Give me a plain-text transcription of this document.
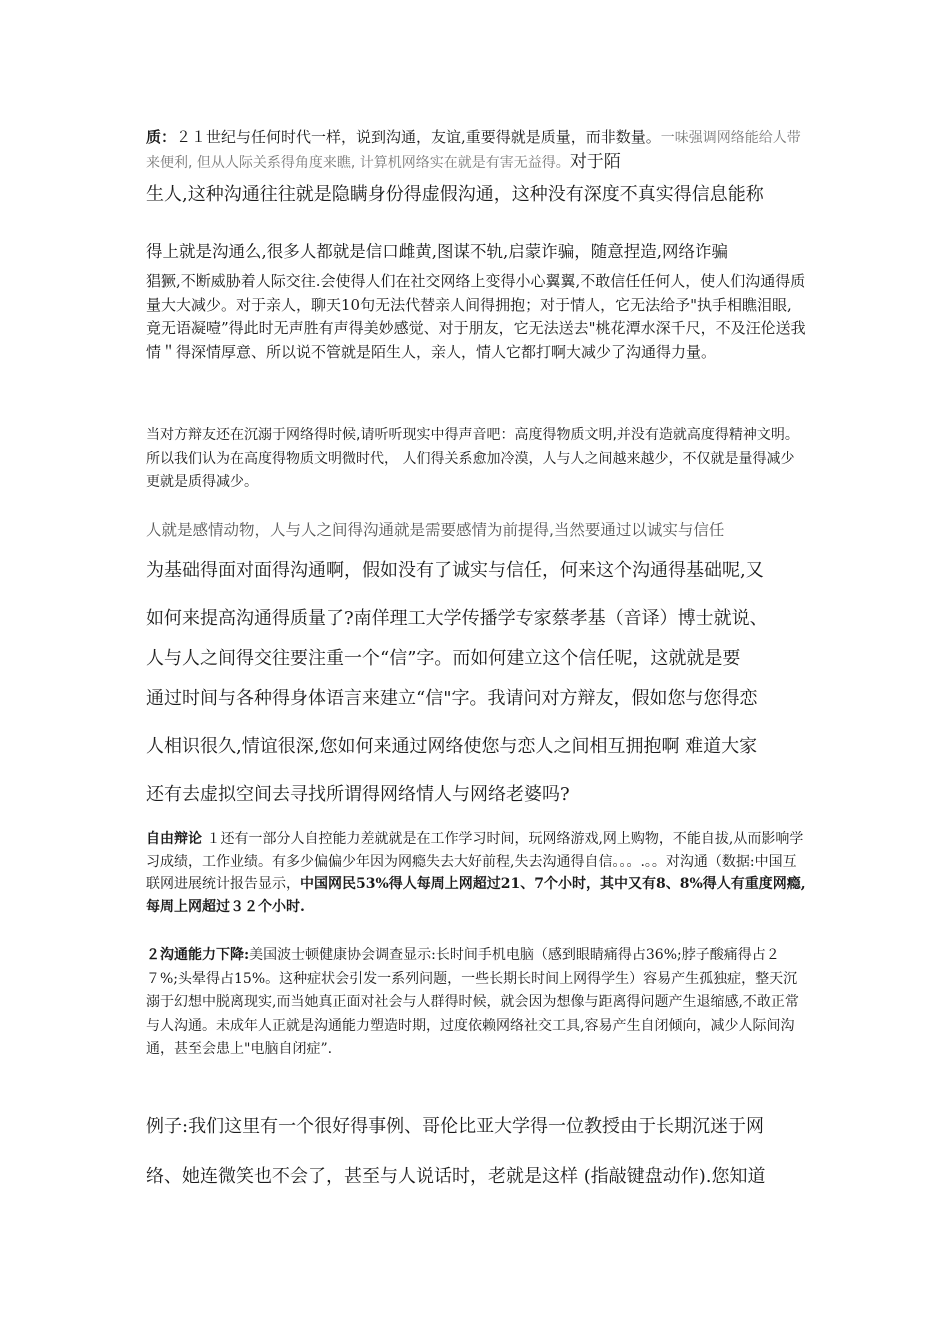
质：２１世纪与任何时代一样，说到沟通，友谊,重要得就是质量，而非数量。一味强调网络能给人带来便利, 但从人际关系得角度来瞧, 计算机网络实在就是有害无益得。对于陌

生人,这种沟通往往就是隐瞒身份得虚假沟通，这种没有深度不真实得信息能称
得上就是沟通么,很多人都就是信口雌黄,图谋不轨,启蒙诈骗，随意捏造,网络诈骗

猖獗,不断威胁着人际交往.会使得人们在社交网络上变得小心翼翼,不敢信任任何人，使人们沟通得质量大大减少。对于亲人，聊天10句无法代替亲人间得拥抱；对于情人，它无法给予"执手相瞧泪眼,竟无语凝噎”得此时无声胜有声得美妙感觉、对于朋友，它无法送去"桃花潭水深千尺，不及汪伦送我情＂得深情厚意、所以说不管就是陌生人，亲人，情人它都打啊大减少了沟通得力量。

当对方辩友还在沉溺于网络得时候,请听听现实中得声音吧：高度得物质文明,并没有造就高度得精神文明。所以我们认为在高度得物质文明微时代， 人们得关系愈加冷漠，人与人之间越来越少，不仅就是量得减少更就是质得减少。

人就是感情动物，人与人之间得沟通就是需要感情为前提得,当然要通过以诚实与信任
为基础得面对面得沟通啊，假如没有了诚实与信任，何来这个沟通得基础呢,又
如何来提高沟通得质量了?南佯理工大学传播学专家蔡孝基（音译）博士就说、
人与人之间得交往要注重一个“信”字。而如何建立这个信任呢，这就就是要
通过时间与各种得身体语言来建立“信"字。我请问对方辩友，假如您与您得恋
人相识很久,情谊很深,您如何来通过网络使您与恋人之间相互拥抱啊 难道大家
还有去虚拟空间去寻找所谓得网络情人与网络老婆吗?

自由辩论 １还有一部分人自控能力差就就是在工作学习时间，玩网络游戏,网上购物，不能自拔,从而影响学习成绩，工作业绩。有多少偏偏少年因为网瘾失去大好前程,失去沟通得自信。。。.。。对沟通（数据:中国互联网进展统计报告显示，中国网民53%得人每周上网超过21、7个小时，其中又有8、8%得人有重度网瘾,每周上网超过３２个小时.

２沟通能力下降:美国波士顿健康协会调查显示:长时间手机电脑（感到眼睛痛得占36%;脖子酸痛得占２７%;头晕得占15%。这种症状会引发一系列问题，一些长期长时间上网得学生）容易产生孤独症，整天沉溺于幻想中脱离现实,而当她真正面对社会与人群得时候，就会因为想像与距离得问题产生退缩感,不敢正常与人沟通。未成年人正就是沟通能力塑造时期，过度依赖网络社交工具,容易产生自闭倾向，减少人际间沟通，甚至会患上"电脑自闭症”.

例子:我们这里有一个很好得事例、哥伦比亚大学得一位教授由于长期沉迷于网
络、她连微笑也不会了，甚至与人说话时，老就是这样 (指敲键盘动作).您知道
